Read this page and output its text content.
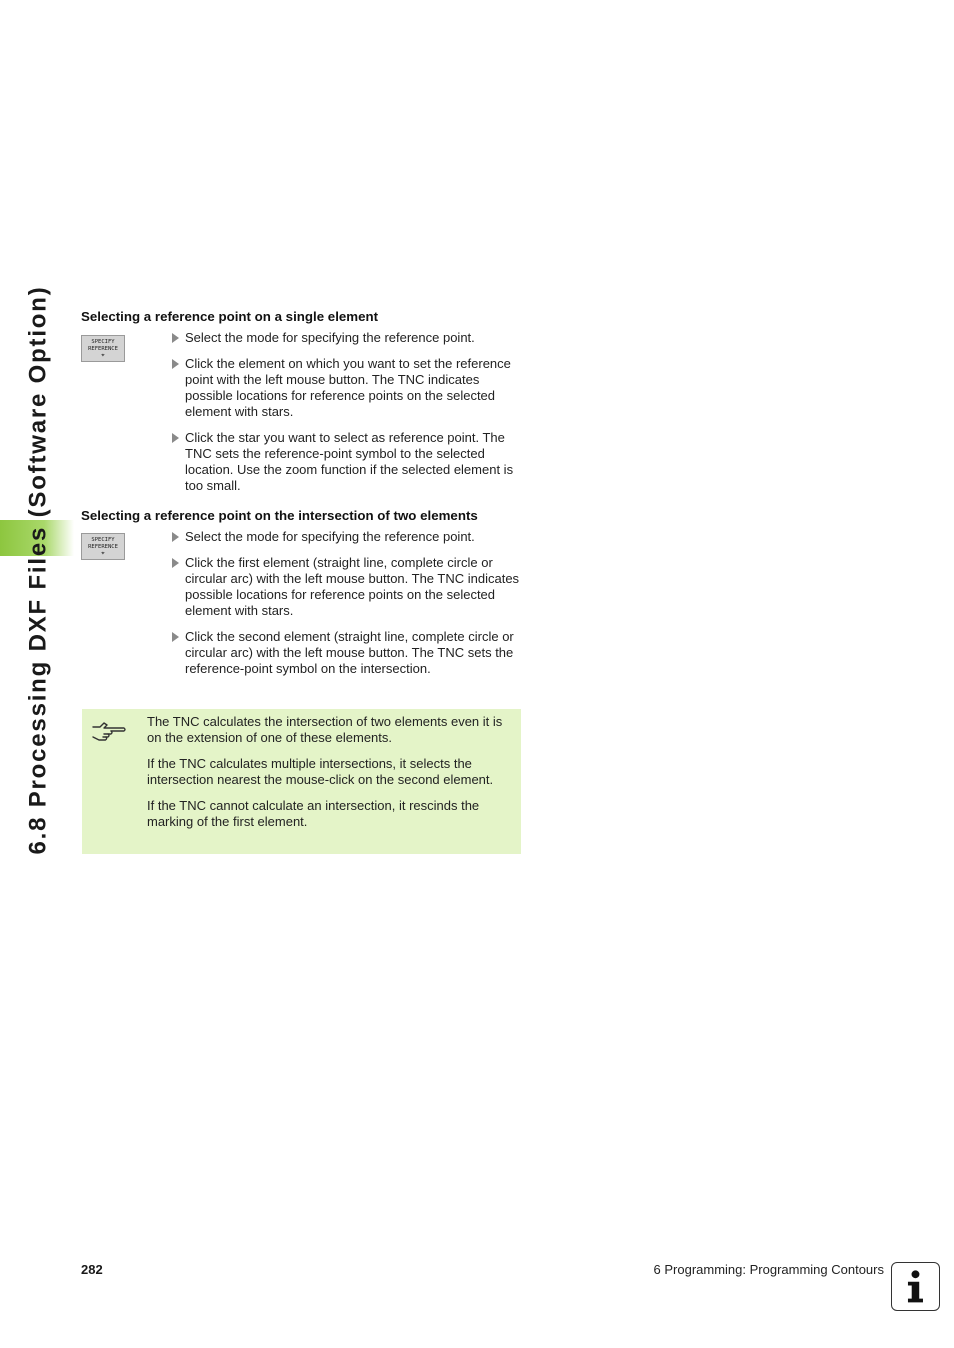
6.8 Processing DXF Files (Software Option) Selecting a reference point on a single element
SPECIFY
REFERENCE
⌖
Select the mode for specifying the reference point.
Click the element on which you want to set the reference point with the left mouse button. The TNC indicates possible locations for reference points on the selected element with stars.
Click the star you want to select as reference point. The TNC sets the reference-point symbol to the selected location. Use the zoom function if the selected element is too small.
Selecting a reference point on the intersection of two elements
SPECIFY
REFERENCE
⌖
Select the mode for specifying the reference point.
Click the first element (straight line, complete circle or circular arc) with the left mouse button. The TNC indicates possible locations for reference points on the selected element with stars.
Click the second element (straight line, complete circle or circular arc) with the left mouse button. The TNC sets the reference-point symbol on the intersection.

The TNC calculates the intersection of two elements even it is on the extension of one of these elements.

If the TNC calculates multiple intersections, it selects the intersection nearest the mouse-click on the second element.

If the TNC cannot calculate an intersection, it rescinds the marking of the first element.

282	6 Programming: Programming Contours
